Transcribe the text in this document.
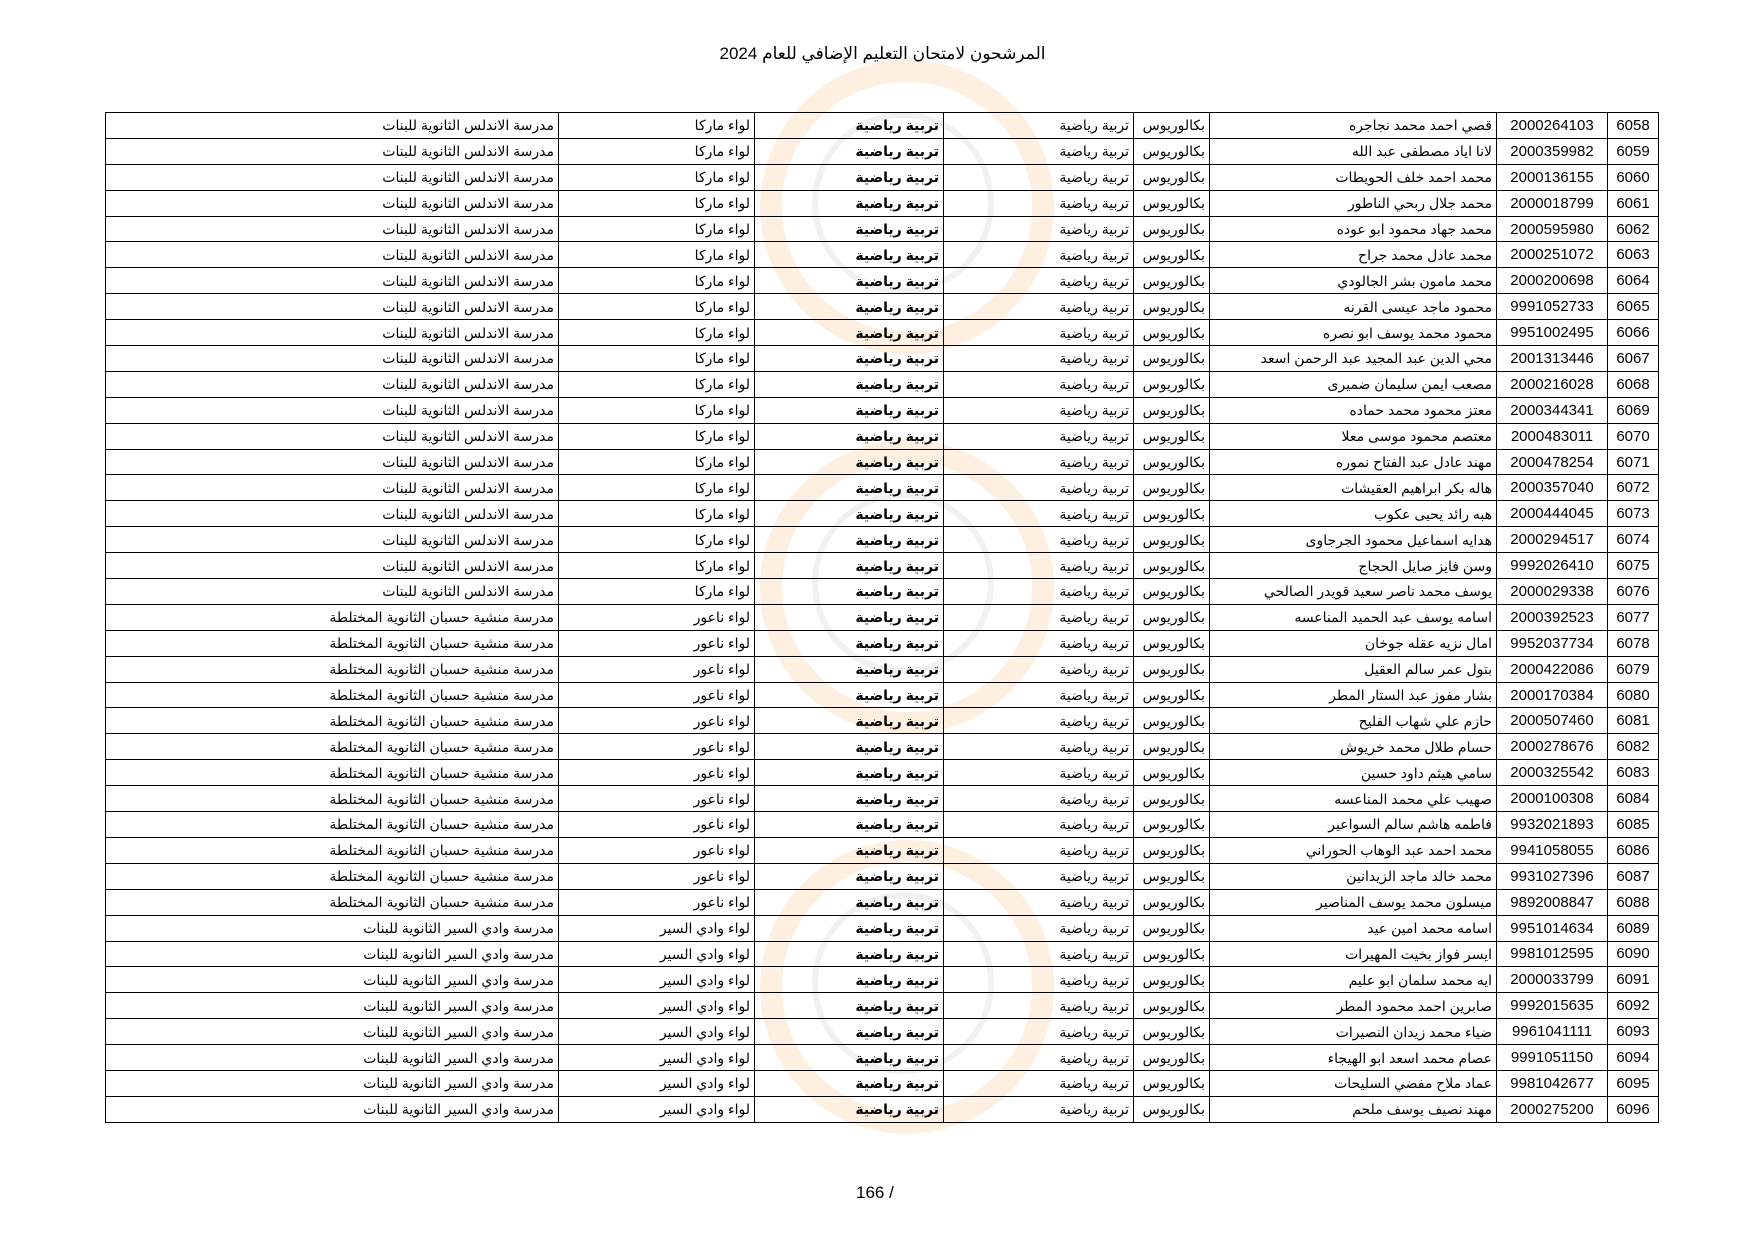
المرشحون لامتحان التعليم الإضافي للعام 2024
6058	2000264103	قصي احمد محمد نجاجره	بكالوريوس	تربية رياضية	تربية رياضية	لواء ماركا	مدرسة الاندلس الثانوية للبنات
6059	2000359982	لانا اياد مصطفى عبد الله	بكالوريوس	تربية رياضية	تربية رياضية	لواء ماركا	مدرسة الاندلس الثانوية للبنات
6060	2000136155	محمد احمد خلف الحويطات	بكالوريوس	تربية رياضية	تربية رياضية	لواء ماركا	مدرسة الاندلس الثانوية للبنات
6061	2000018799	محمد جلال ربحي الناطور	بكالوريوس	تربية رياضية	تربية رياضية	لواء ماركا	مدرسة الاندلس الثانوية للبنات
6062	2000595980	محمد جهاد محمود ابو عوده	بكالوريوس	تربية رياضية	تربية رياضية	لواء ماركا	مدرسة الاندلس الثانوية للبنات
6063	2000251072	محمد عادل محمد جراح	بكالوريوس	تربية رياضية	تربية رياضية	لواء ماركا	مدرسة الاندلس الثانوية للبنات
6064	2000200698	محمد مامون بشر الجالودي	بكالوريوس	تربية رياضية	تربية رياضية	لواء ماركا	مدرسة الاندلس الثانوية للبنات
6065	9991052733	محمود ماجد عيسى القرنه	بكالوريوس	تربية رياضية	تربية رياضية	لواء ماركا	مدرسة الاندلس الثانوية للبنات
6066	9951002495	محمود محمد يوسف ابو نصره	بكالوريوس	تربية رياضية	تربية رياضية	لواء ماركا	مدرسة الاندلس الثانوية للبنات
6067	2001313446	محي الدين عبد المجيد عبد الرحمن اسعد	بكالوريوس	تربية رياضية	تربية رياضية	لواء ماركا	مدرسة الاندلس الثانوية للبنات
6068	2000216028	مصعب ايمن سليمان ضميرى	بكالوريوس	تربية رياضية	تربية رياضية	لواء ماركا	مدرسة الاندلس الثانوية للبنات
6069	2000344341	معتز محمود محمد حماده	بكالوريوس	تربية رياضية	تربية رياضية	لواء ماركا	مدرسة الاندلس الثانوية للبنات
6070	2000483011	معتصم محمود موسى معلا	بكالوريوس	تربية رياضية	تربية رياضية	لواء ماركا	مدرسة الاندلس الثانوية للبنات
6071	2000478254	مهند عادل عبد الفتاح نموره	بكالوريوس	تربية رياضية	تربية رياضية	لواء ماركا	مدرسة الاندلس الثانوية للبنات
6072	2000357040	هاله بكر ابراهيم العقيشات	بكالوريوس	تربية رياضية	تربية رياضية	لواء ماركا	مدرسة الاندلس الثانوية للبنات
6073	2000444045	هبه رائد يحيى عكوب	بكالوريوس	تربية رياضية	تربية رياضية	لواء ماركا	مدرسة الاندلس الثانوية للبنات
6074	2000294517	هدايه اسماعيل محمود الجرجاوى	بكالوريوس	تربية رياضية	تربية رياضية	لواء ماركا	مدرسة الاندلس الثانوية للبنات
6075	9992026410	وسن فايز صايل الحجاج	بكالوريوس	تربية رياضية	تربية رياضية	لواء ماركا	مدرسة الاندلس الثانوية للبنات
6076	2000029338	يوسف محمد ناصر سعيد قويدر الصالحي	بكالوريوس	تربية رياضية	تربية رياضية	لواء ماركا	مدرسة الاندلس الثانوية للبنات
6077	2000392523	اسامه يوسف عبد الحميد المناعسه	بكالوريوس	تربية رياضية	تربية رياضية	لواء ناعور	مدرسة منشية حسبان الثانوية المختلطة
6078	9952037734	امال نزيه عقله جوخان	بكالوريوس	تربية رياضية	تربية رياضية	لواء ناعور	مدرسة منشية حسبان الثانوية المختلطة
6079	2000422086	بتول عمر سالم العقيل	بكالوريوس	تربية رياضية	تربية رياضية	لواء ناعور	مدرسة منشية حسبان الثانوية المختلطة
6080	2000170384	بشار مفوز عبد الستار المطر	بكالوريوس	تربية رياضية	تربية رياضية	لواء ناعور	مدرسة منشية حسبان الثانوية المختلطة
6081	2000507460	حازم علي شهاب الفليح	بكالوريوس	تربية رياضية	تربية رياضية	لواء ناعور	مدرسة منشية حسبان الثانوية المختلطة
6082	2000278676	حسام طلال محمد خريوش	بكالوريوس	تربية رياضية	تربية رياضية	لواء ناعور	مدرسة منشية حسبان الثانوية المختلطة
6083	2000325542	سامي هيثم داود حسين	بكالوريوس	تربية رياضية	تربية رياضية	لواء ناعور	مدرسة منشية حسبان الثانوية المختلطة
6084	2000100308	صهيب علي محمد المناعسه	بكالوريوس	تربية رياضية	تربية رياضية	لواء ناعور	مدرسة منشية حسبان الثانوية المختلطة
6085	9932021893	فاطمه هاشم سالم السواعير	بكالوريوس	تربية رياضية	تربية رياضية	لواء ناعور	مدرسة منشية حسبان الثانوية المختلطة
6086	9941058055	محمد احمد عبد الوهاب الحوراني	بكالوريوس	تربية رياضية	تربية رياضية	لواء ناعور	مدرسة منشية حسبان الثانوية المختلطة
6087	9931027396	محمد خالد ماجد الزيدانين	بكالوريوس	تربية رياضية	تربية رياضية	لواء ناعور	مدرسة منشية حسبان الثانوية المختلطة
6088	9892008847	ميسلون محمد يوسف المناصير	بكالوريوس	تربية رياضية	تربية رياضية	لواء ناعور	مدرسة منشية حسبان الثانوية المختلطة
6089	9951014634	اسامه محمد امين عيد	بكالوريوس	تربية رياضية	تربية رياضية	لواء وادي السير	مدرسة وادي السير الثانوية للبنات
6090	9981012595	ايسر فواز بخيت المهيرات	بكالوريوس	تربية رياضية	تربية رياضية	لواء وادي السير	مدرسة وادي السير الثانوية للبنات
6091	2000033799	ايه محمد سلمان ابو عليم	بكالوريوس	تربية رياضية	تربية رياضية	لواء وادي السير	مدرسة وادي السير الثانوية للبنات
6092	9992015635	صابرين احمد محمود المطر	بكالوريوس	تربية رياضية	تربية رياضية	لواء وادي السير	مدرسة وادي السير الثانوية للبنات
6093	9961041111	ضياء محمد زيدان النصيرات	بكالوريوس	تربية رياضية	تربية رياضية	لواء وادي السير	مدرسة وادي السير الثانوية للبنات
6094	9991051150	عصام محمد اسعد ابو الهيجاء	بكالوريوس	تربية رياضية	تربية رياضية	لواء وادي السير	مدرسة وادي السير الثانوية للبنات
6095	9981042677	عماد ملاح مفضي السليحات	بكالوريوس	تربية رياضية	تربية رياضية	لواء وادي السير	مدرسة وادي السير الثانوية للبنات
6096	2000275200	مهند نصيف يوسف ملحم	بكالوريوس	تربية رياضية	تربية رياضية	لواء وادي السير	مدرسة وادي السير الثانوية للبنات
166 /
